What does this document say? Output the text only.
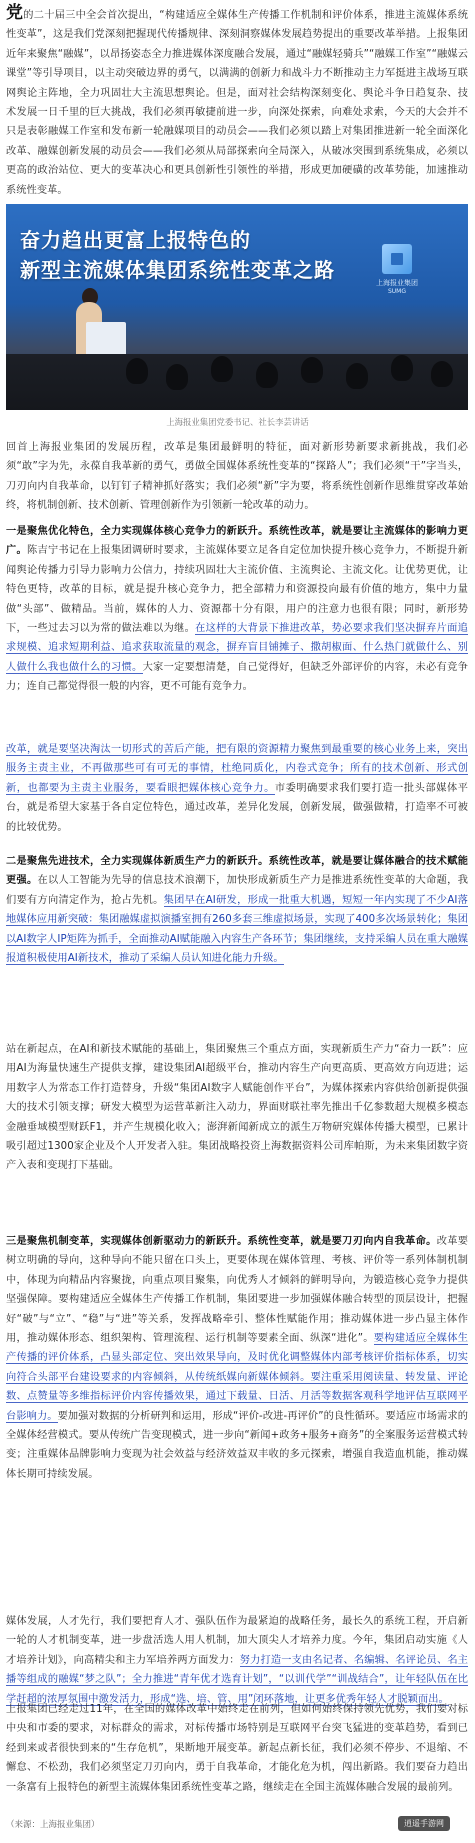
党的二十届三中全会首次提出，“构建适应全媒体生产传播工作机制和评价体系，推进主流媒体系统性变革”，这是我们党深刻把握现代传播规律、深刻洞察媒体发展趋势提出的重要改革举措。上报集团近年来聚焦“融媒”，以昂扬姿态全力推进媒体深度融合发展，通过“融媒轻骑兵”“融媒工作室”“融媒云课堂”等引导项目，以主动突破边界的勇气，以满满的创新力和战斗力不断推动主力军挺进主战场互联网舆论主阵地，全力巩固壮大主流思想舆论。但是，面对社会结构深刻变化、舆论斗争日趋复杂、技术发展一日千里的巨大挑战，我们必须再敏捷前进一步，向深处探索，向难处求索，今天的大会并不只是表彰融媒工作室和发布新一轮融媒项目的动员会——我们必须以踏上对集团推进新一轮全面深化改革、融媒创新发展的动员会——我们必须从局部探索向全局深入，从破冰突围到系统集成，必须以更高的政治站位、更大的变革决心和更具创新性引领性的举措，形成更加硬磺的改革势能，加速推动系统性变革。

奋力趋出更富上报特色的
新型主流媒体集团系统性变革之路
上海报业集团
SUMG
上海报业集团党委书记、社长李芸讲话

回首上海报业集团的发展历程，改革是集团最鲜明的特征，面对新形势新要求新挑战，我们必须“敢”字为先，永葆自我革新的勇气，勇做全国媒体系统性变革的“探路人”；我们必须“干”字当头，刀刃向内自我革命，以钉钉子精神抓好落实；我们必须“新”字为要，将系统性创新作思维贯穿改革始终，将机制创新、技术创新、管理创新作为引领新一轮改革的动力。

一是聚焦优化特色，全力实现媒体核心竞争力的新跃升。系统性改革，就是要让主流媒体的影响力更广。陈吉宁书记在上报集团调研时要求，主流媒体要立足各自定位加快提升核心竞争力，不断提升新闻舆论传播力引导力影响力公信力，持续巩固壮大主流价值、主流舆论、主流文化。让优势更优，让特色更特，改革的目标，就是提升核心竞争力，把全部精力和资源投向最有价值的地方，集中力量做“头部”、做精品。当前，媒体的人力、资源都十分有限，用户的注意力也很有限；同时，新形势下，一些过去习以为常的做法难以为继。在这样的大背景下推进改革，势必要求我们坚决摒弃片面追求规模、追求短期利益、追求获取流量的观念，摒弃盲目铺摊子、撒胡椒面、什么热门就做什么、别人做什么我也做什么的习惯。大家一定要想清楚，自己觉得好，但缺乏外部评价的内容，未必有竞争力；连自己都觉得很一般的内容，更不可能有竞争力。

改革，就是要坚决淘汰一切形式的苦后产能，把有限的资源精力聚焦到最重要的核心业务上来，突出服务主责主业，不再做那些可有可无的事情，杜绝同质化，内卷式竞争；所有的技术创新、形式创新，也都要为主责主业服务，要看眼把媒体核心竞争力。市委明确要求我们要打造一批头部媒体平台，就是希望大家基于各自定位特色，通过改革，差异化发展，创新发展，做强做精，打造率不可被的比较优势。

二是聚焦先进技术，全力实现媒体新质生产力的新跃升。系统性改革，就是要让媒体融合的技术赋能更强。在以人工智能为先导的信息技术浪潮下，加快形成新质生产力是推进系统性变革的大命题，我们要有方向清定作为，抢占先机。集团早在AI研发，形成一批重大机遇，短短一年内实现了不少AI落地媒体应用新突破：集团融媒虚拟演播室拥有260多套三维虚拟场景，实现了400多次场景转化；集团以AI数字人IP矩阵为抓手，全面推动AI赋能融入内容生产各环节；集团继续，支持采编人员在重大融媒报道积极使用AI新技术，推动了采编人员认知进化能力升级。

站在新起点，在AI和新技术赋能的基础上，集团聚焦三个重点方面，实现新质生产力“奋力一跃”：应用AI为海量快速生产提供支撑，建设集团AI超级平台，推动内容生产向更高质、更高效方向迈进；运用数字人为常态工作打造替身，升级“集团AI数字人赋能创作平台”，为媒体探索内容供给创新提供强大的技术引领支撑；研发大模型为运营革新注入动力，界面财联社率先推出千亿参数超大规模多模态金融垂域模型财跃F1，并产生规模化收入；澎湃新闻新成立的派生万物研究媒体传播大模型，已累计吸引超过1300家企业及个人开发者入驻。集团战略投资上海数据资料公司库帕斯，为未来集团数字资产入表和变现打下基础。

三是聚焦机制变革，实现媒体创新驱动力的新跃升。系统性变革，就是要刀刃向内自我革命。改革要树立明确的导向，这种导向不能只留在口头上，更要体现在媒体管理、考核、评价等一系列体制机制中，体现为向精品内容聚拢，向重点项目聚集，向优秀人才倾斜的鲜明导向，为锻造核心竞争力提供坚强保障。要构建适应全媒体生产传播工作机制，集团要进一步加强媒体融合转型的顶层设计，把握好“破”与“立”、“稳”与“进”等关系，发挥战略牵引、整体性赋能作用；推动媒体进一步凸显主体作用，推动媒体形态、组织架构、管理流程、运行机制等要素全面、纵深“进化”。要构建适应全媒体生产传播的评价体系，凸显头部定位、突出效果导向，及时优化调整媒体内部考核评价指标体系，切实向符合头部平台建设要求的内容倾斜，从传统纸媒向新媒体倾斜。要注重采用阅读量、转发量、评论数、点赞量等多维指标评价内容传播效果，通过下载量、日活、月活等数据客观科学地评估互联网平台影响力。要加强对数据的分析研判和运用，形成“评价-改进-再评价”的良性循环。要适应市场需求的全媒体经营模式。要从传统广告变现模式，进一步向“新闻+政务+服务+商务”的全案服务运营模式转变；注重媒体品牌影响力变现为社会效益与经济效益双丰收的多元探索，增强自我造血机能，推动媒体长期可持续发展。

媒体发展，人才先行，我们要把育人才、强队伍作为最紧迫的战略任务，最长久的系统工程，开启新一轮的人才机制变革，进一步盘活选人用人机制，加大顶尖人才培养力度。今年，集团启动实施《人才培养计划》，向高精尖和主力军培养两方面发力：努力打造一支由名记者、名编辑、名评论员、名主播等组成的融媒“梦之队”；全力推进“青年优才选育计划”，“以训代学”“训战结合”，让年轻队伍在比学赶超的浓厚氛围中激发活力，形成“选、培、管、用”闭环落地，让更多优秀年轻人才脱颖而出。

上报集团已经走过11年，在全国的媒体改革中始终走在前列，但如何始终保持领先优势，我们要对标中央和市委的要求，对标群众的需求，对标传播市场特别是互联网平台突飞猛进的变革趋势，看到已经到来或者很快到来的“生存危机”，果断地开展变革。新起点新长征，我们必须不停步、不退缩、不懈怠、不松劲，我们必须坚定刀刃向内，勇于自我革命，才能化危为机，闯出新路。我们要奋力趋出一条富有上报特色的新型主流媒体集团系统性变革之路，继续走在全国主流媒体融合发展的最前列。

（来源：上海报业集团）	逍遥手游网
